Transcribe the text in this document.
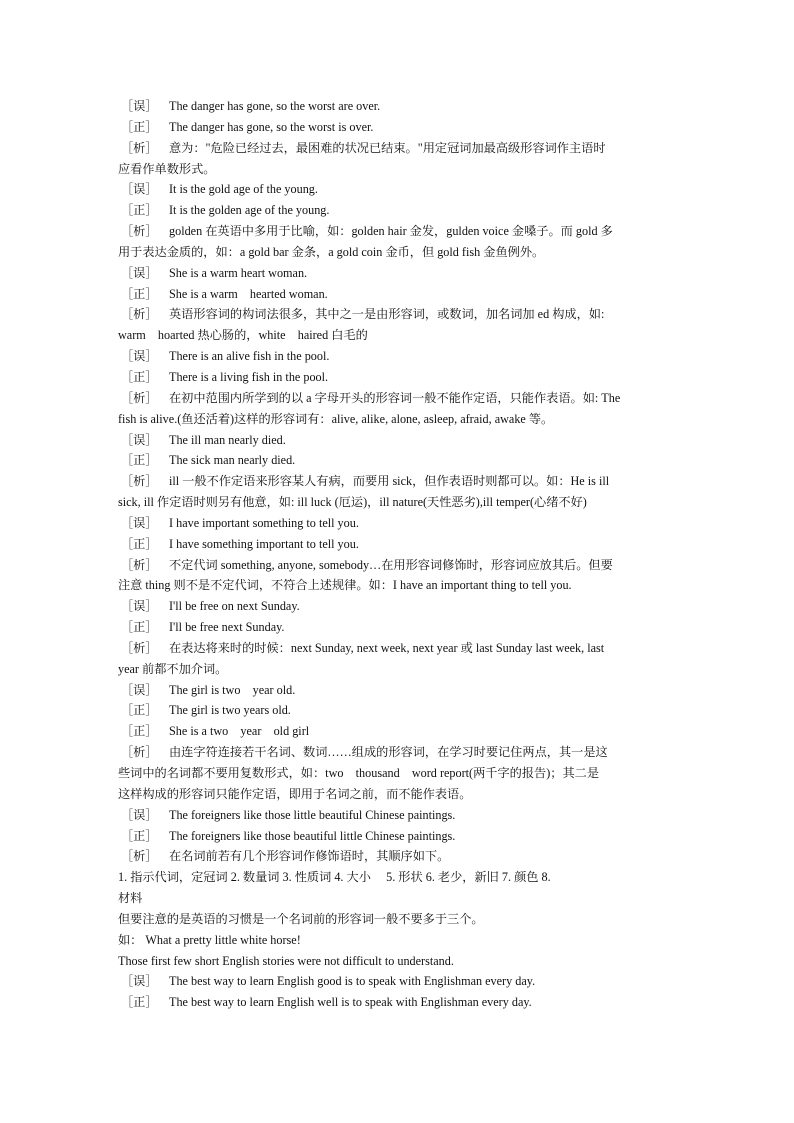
［误］ The danger has gone, so the worst are over.
［正］ The danger has gone, so the worst is over.
［析］ 意为："危险已经过去，最困难的状况已结束。"用定冠词加最高级形容词作主语时
应看作单数形式。
［误］ It is the gold age of the young.
［正］ It is the golden age of the young.
［析］ golden 在英语中多用于比喻，如：golden hair 金发，gulden voice 金嗓子。而 gold 多
用于表达金质的，如：a gold bar 金条，a gold coin 金币，但 gold fish 金鱼例外。
［误］ She is a warm heart woman.
［正］ She is a warm　hearted woman.
［析］ 英语形容词的构词法很多，其中之一是由形容词，或数词，加名词加 ed 构成，如:
warm　hoarted 热心肠的，white　haired 白毛的
［误］ There is an alive fish in the pool.
［正］ There is a living fish in the pool.
［析］ 在初中范围内所学到的以 a 字母开头的形容词一般不能作定语，只能作表语。如: The
fish is alive.(鱼还活着)这样的形容词有：alive, alike, alone, asleep, afraid, awake 等。
［误］ The ill man nearly died.
［正］ The sick man nearly died.
［析］ ill 一般不作定语来形容某人有病，而要用 sick，但作表语时则都可以。如：He is ill
sick, ill 作定语时则另有他意，如: ill luck (厄运)，ill nature(天性恶劣),ill temper(心绪不好)
［误］ I have important something to tell you.
［正］ I have something important to tell you.
［析］ 不定代词 something, anyone, somebody…在用形容词修饰时，形容词应放其后。但要
注意 thing 则不是不定代词，不符合上述规律。如：I have an important thing to tell you.
［误］ I'll be free on next Sunday.
［正］ I'll be free next Sunday.
［析］ 在表达将来时的时候：next Sunday, next week, next year 或 last Sunday last week, last
year 前都不加介词。
［误］ The girl is two　year old.
［正］ The girl is two years old.
［正］ She is a two　year　old girl
［析］ 由连字符连接若干名词、数词……组成的形容词，在学习时要记住两点，其一是这
些词中的名词都不要用复数形式，如：two　thousand　word report(两千字的报告)；其二是
这样构成的形容词只能作定语，即用于名词之前，而不能作表语。
［误］ The foreigners like those little beautiful Chinese paintings.
［正］ The foreigners like those beautiful little Chinese paintings.
［析］ 在名词前若有几个形容词作修饰语时，其顺序如下。
1. 指示代词，定冠词 2. 数量词 3. 性质词 4. 大小　 5. 形状 6. 老少，新旧 7. 颜色 8.
材料
但要注意的是英语的习惯是一个名词前的形容词一般不要多于三个。
如： What a pretty little white horse!
Those first few short English stories were not difficult to understand.
［误］ The best way to learn English good is to speak with Englishman every day.
［正］ The best way to learn English well is to speak with Englishman every day.
